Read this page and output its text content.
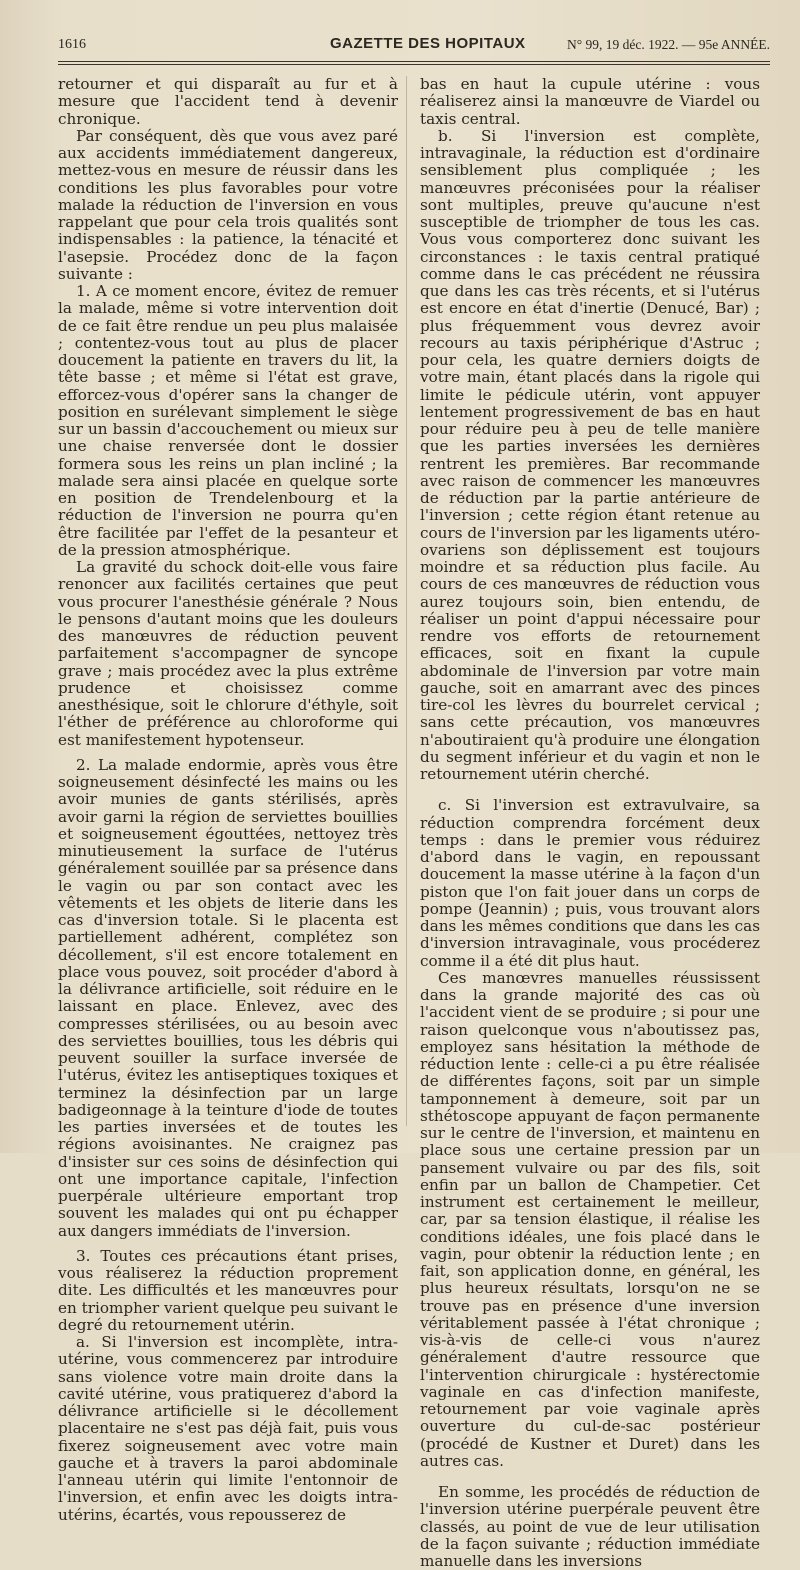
1616	GAZETTE DES HOPITAUX	N° 99, 19 déc. 1922. — 95e ANNÉE.

retourner et qui disparaît au fur et à mesure que l'accident tend à devenir chronique.

Par conséquent, dès que vous avez paré aux accidents immédiatement dangereux, mettez-vous en mesure de réussir dans les conditions les plus favorables pour votre malade la réduction de l'inversion en vous rappelant que pour cela trois qualités sont indispensables : la patience, la ténacité et l'asepsie. Procédez donc de la façon suivante :

1. A ce moment encore, évitez de remuer la malade, même si votre intervention doit de ce fait être rendue un peu plus malaisée ; contentez-vous tout au plus de placer doucement la patiente en travers du lit, la tête basse ; et même si l'état est grave, efforcez-vous d'opérer sans la changer de position en surélevant simplement le siège sur un bassin d'accouchement ou mieux sur une chaise renversée dont le dossier formera sous les reins un plan incliné ; la malade sera ainsi placée en quelque sorte en position de Trendelenbourg et la réduction de l'inversion ne pourra qu'en être facilitée par l'effet de la pesanteur et de la pression atmosphérique.

La gravité du schock doit-elle vous faire renoncer aux facilités certaines que peut vous procurer l'anesthésie générale ? Nous le pensons d'autant moins que les douleurs des manœuvres de réduction peuvent parfaitement s'accompagner de syncope grave ; mais procédez avec la plus extrême prudence et choisissez comme anesthésique, soit le chlorure d'éthyle, soit l'éther de préférence au chloroforme qui est manifestement hypotenseur.

2. La malade endormie, après vous être soigneusement désinfecté les mains ou les avoir munies de gants stérilisés, après avoir garni la région de serviettes bouillies et soigneusement égouttées, nettoyez très minutieusement la surface de l'utérus généralement souillée par sa présence dans le vagin ou par son contact avec les vêtements et les objets de literie dans les cas d'inversion totale. Si le placenta est partiellement adhérent, complétez son décollement, s'il est encore totalement en place vous pouvez, soit procéder d'abord à la délivrance artificielle, soit réduire en le laissant en place. Enlevez, avec des compresses stérilisées, ou au besoin avec des serviettes bouillies, tous les débris qui peuvent souiller la surface inversée de l'utérus, évitez les antiseptiques toxiques et terminez la désinfection par un large badigeonnage à la teinture d'iode de toutes les parties inversées et de toutes les régions avoisinantes. Ne craignez pas d'insister sur ces soins de désinfection qui ont une importance capitale, l'infection puerpérale ultérieure emportant trop souvent les malades qui ont pu échapper aux dangers immédiats de l'inversion.

3. Toutes ces précautions étant prises, vous réaliserez la réduction proprement dite. Les difficultés et les manœuvres pour en triompher varient quelque peu suivant le degré du retournement utérin.

a. Si l'inversion est incomplète, intra-utérine, vous commencerez par introduire sans violence votre main droite dans la cavité utérine, vous pratiquerez d'abord la délivrance artificielle si le décollement placentaire ne s'est pas déjà fait, puis vous fixerez soigneusement avec votre main gauche et à travers la paroi abdominale l'anneau utérin qui limite l'entonnoir de l'inversion, et enfin avec les doigts intra-utérins, écartés, vous repousserez de

bas en haut la cupule utérine : vous réaliserez ainsi la manœuvre de Viardel ou taxis central.

b. Si l'inversion est complète, intravaginale, la réduction est d'ordinaire sensiblement plus compliquée ; les manœuvres préconisées pour la réaliser sont multiples, preuve qu'aucune n'est susceptible de triompher de tous les cas. Vous vous comporterez donc suivant les circonstances : le taxis central pratiqué comme dans le cas précédent ne réussira que dans les cas très récents, et si l'utérus est encore en état d'inertie (Denucé, Bar) ; plus fréquemment vous devrez avoir recours au taxis périphérique d'Astruc ; pour cela, les quatre derniers doigts de votre main, étant placés dans la rigole qui limite le pédicule utérin, vont appuyer lentement progressivement de bas en haut pour réduire peu à peu de telle manière que les parties inversées les dernières rentrent les premières. Bar recommande avec raison de commencer les manœuvres de réduction par la partie antérieure de l'inversion ; cette région étant retenue au cours de l'inversion par les ligaments utéro-ovariens son déplissement est toujours moindre et sa réduction plus facile. Au cours de ces manœuvres de réduction vous aurez toujours soin, bien entendu, de réaliser un point d'appui nécessaire pour rendre vos efforts de retournement efficaces, soit en fixant la cupule abdominale de l'inversion par votre main gauche, soit en amarrant avec des pinces tire-col les lèvres du bourrelet cervical ; sans cette précaution, vos manœuvres n'aboutiraient qu'à produire une élongation du segment inférieur et du vagin et non le retournement utérin cherché.

c. Si l'inversion est extravulvaire, sa réduction comprendra forcément deux temps : dans le premier vous réduirez d'abord dans le vagin, en repoussant doucement la masse utérine à la façon d'un piston que l'on fait jouer dans un corps de pompe (Jeannin) ; puis, vous trouvant alors dans les mêmes conditions que dans les cas d'inversion intravaginale, vous procéderez comme il a été dit plus haut.

Ces manœvres manuelles réussissent dans la grande majorité des cas où l'accident vient de se produire ; si pour une raison quelconque vous n'aboutissez pas, employez sans hésitation la méthode de réduction lente : celle-ci a pu être réalisée de différentes façons, soit par un simple tamponnement à demeure, soit par un sthétoscope appuyant de façon permanente sur le centre de l'inversion, et maintenu en place sous une certaine pression par un pansement vulvaire ou par des fils, soit enfin par un ballon de Champetier. Cet instrument est certainement le meilleur, car, par sa tension élastique, il réalise les conditions idéales, une fois placé dans le vagin, pour obtenir la réduction lente ; en fait, son application donne, en général, les plus heureux résultats, lorsqu'on ne se trouve pas en présence d'une inversion véritablement passée à l'état chronique ; vis-à-vis de celle-ci vous n'aurez généralement d'autre ressource que l'intervention chirurgicale : hystérectomie vaginale en cas d'infection manifeste, retournement par voie vaginale après ouverture du cul-de-sac postérieur (procédé de Kustner et Duret) dans les autres cas.

En somme, les procédés de réduction de l'inversion utérine puerpérale peuvent être classés, au point de vue de leur utilisation de la façon suivante ; réduction immédiate manuelle dans les inversions
